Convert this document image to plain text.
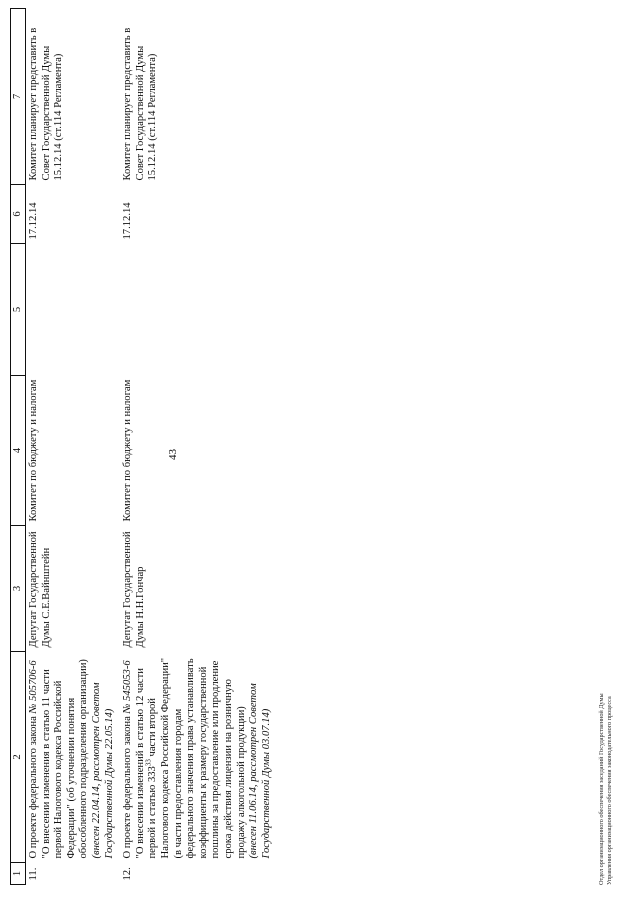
43
1	2	3	4	5	6	7
11.	О проекте федерального закона № 505706-6 "О внесении изменения в статью 11 части первой Налогового кодекса Российской Федерации" (об уточнении понятия обособленного подразделения организации) (внесен 22.04.14, рассмотрен Советом Государственной Думы 22.05.14)	Депутат Государственной Думы С.Е.Вайнштейн	Комитет по бюджету и налогам		17.12.14	Комитет планирует представить в Совет Государственной Думы 15.12.14 (ст.114 Регламента)
12.	О проекте федерального закона № 545053-6 "О внесении изменений в статью 12 части первой и статью $333^{33}$ части второй Налогового кодекса Российской Федерации" (в части предоставления городам федерального значения права устанавливать коэффициенты к размеру государственной пошлины за предоставление или продление срока действия лицензии на розничную продажу алкогольной продукции) (внесен 11.06.14, рассмотрен Советом Государственной Думы 03.07.14)	Депутат Государственной Думы Н.Н.Гончар	Комитет по бюджету и налогам		17.12.14	Комитет планирует представить в Совет Государственной Думы 15.12.14 (ст.114 Регламента)
Отдел организационного обеспечения заседаний Государственной Думы Управления организационного обеспечения законодательного процесса
